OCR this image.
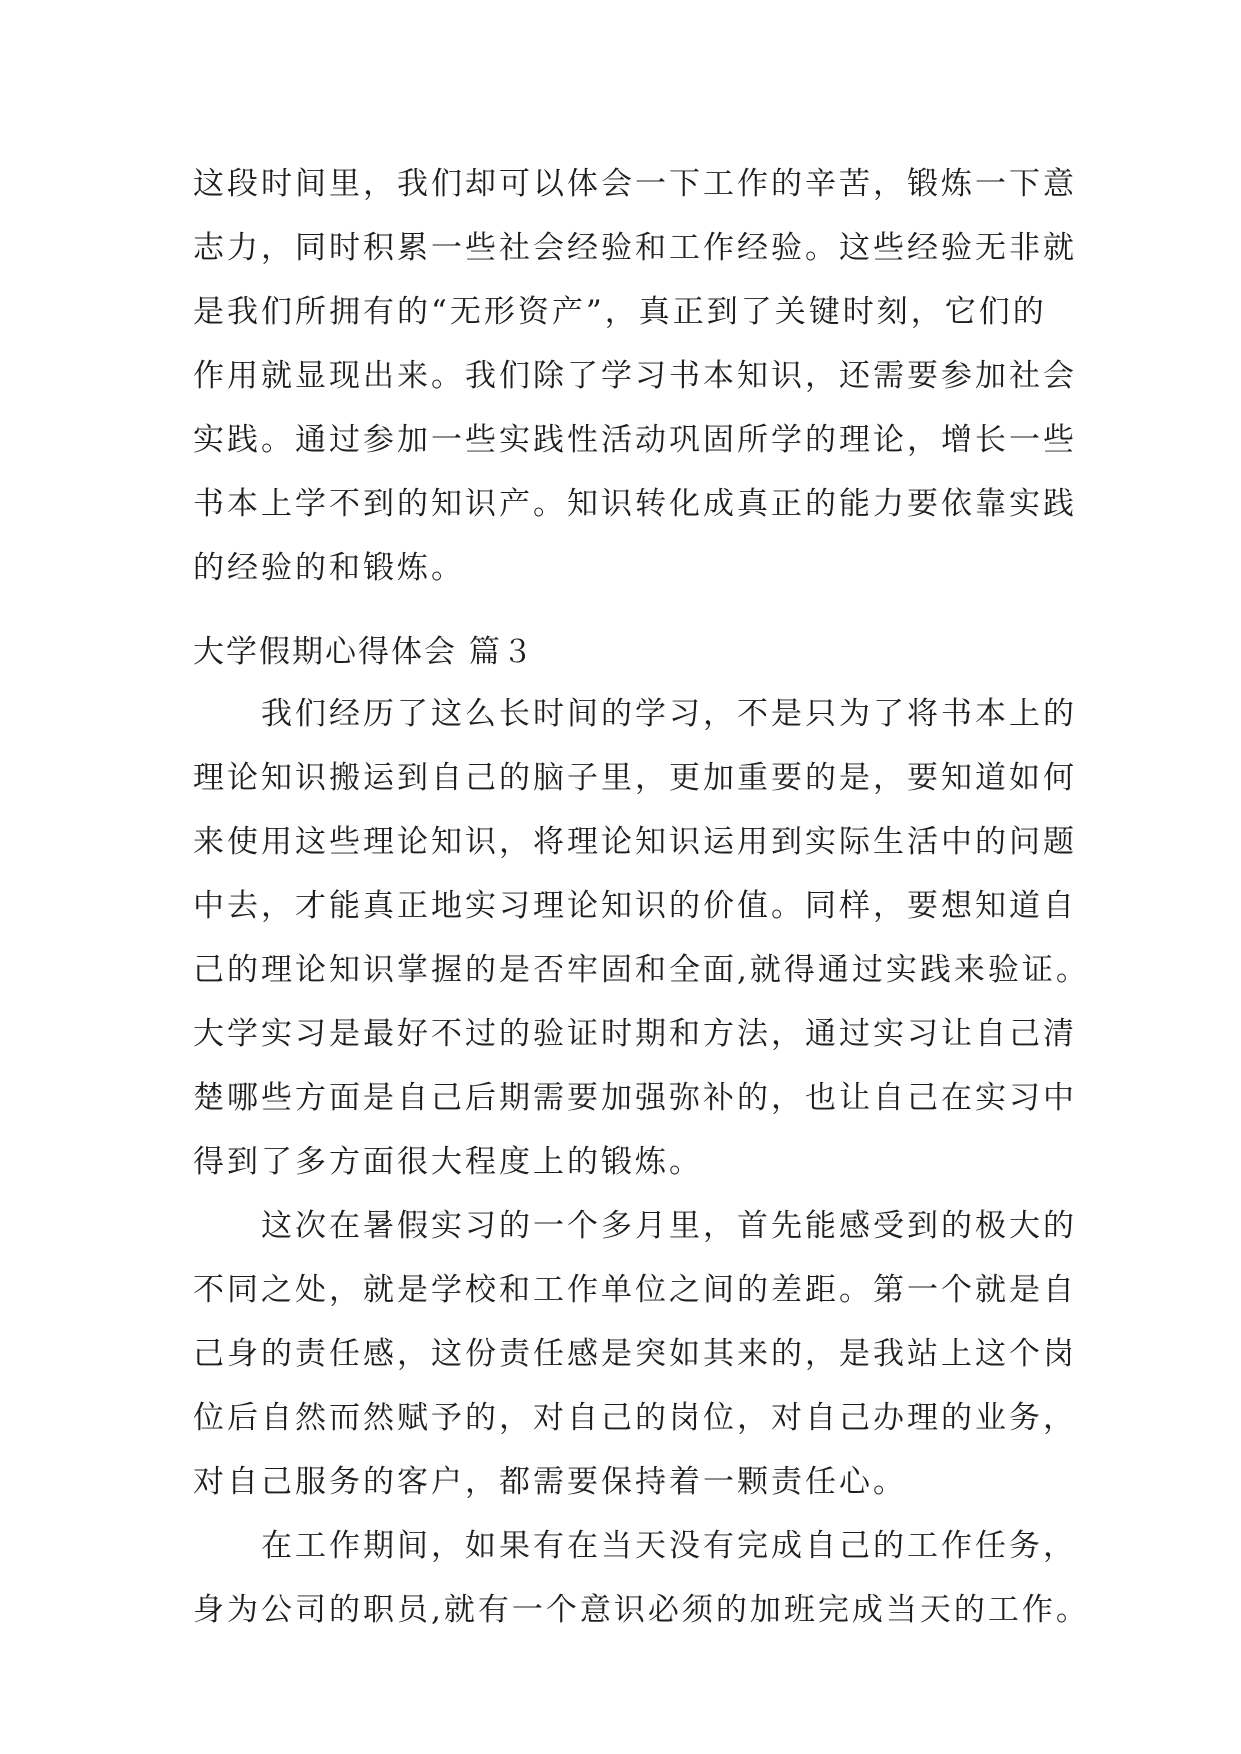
这段时间里，我们却可以体会一下工作的辛苦，锻炼一下意
志力，同时积累一些社会经验和工作经验。这些经验无非就
是我们所拥有的“无形资产”，真正到了关键时刻，它们的
作用就显现出来。我们除了学习书本知识，还需要参加社会
实践。通过参加一些实践性活动巩固所学的理论，增长一些
书本上学不到的知识产。知识转化成真正的能力要依靠实践
的经验的和锻炼。
大学假期心得体会 篇３
　　我们经历了这么长时间的学习，不是只为了将书本上的
理论知识搬运到自己的脑子里，更加重要的是，要知道如何
来使用这些理论知识，将理论知识运用到实际生活中的问题
中去，才能真正地实习理论知识的价值。同样，要想知道自
己的理论知识掌握的是否牢固和全面,就得通过实践来验证。
大学实习是最好不过的验证时期和方法，通过实习让自己清
楚哪些方面是自己后期需要加强弥补的，也让自己在实习中
得到了多方面很大程度上的锻炼。
　　这次在暑假实习的一个多月里，首先能感受到的极大的
不同之处，就是学校和工作单位之间的差距。第一个就是自
己身的责任感，这份责任感是突如其来的，是我站上这个岗
位后自然而然赋予的，对自己的岗位，对自己办理的业务，
对自己服务的客户，都需要保持着一颗责任心。
　　在工作期间，如果有在当天没有完成自己的工作任务，
身为公司的职员,就有一个意识必须的加班完成当天的工作。
